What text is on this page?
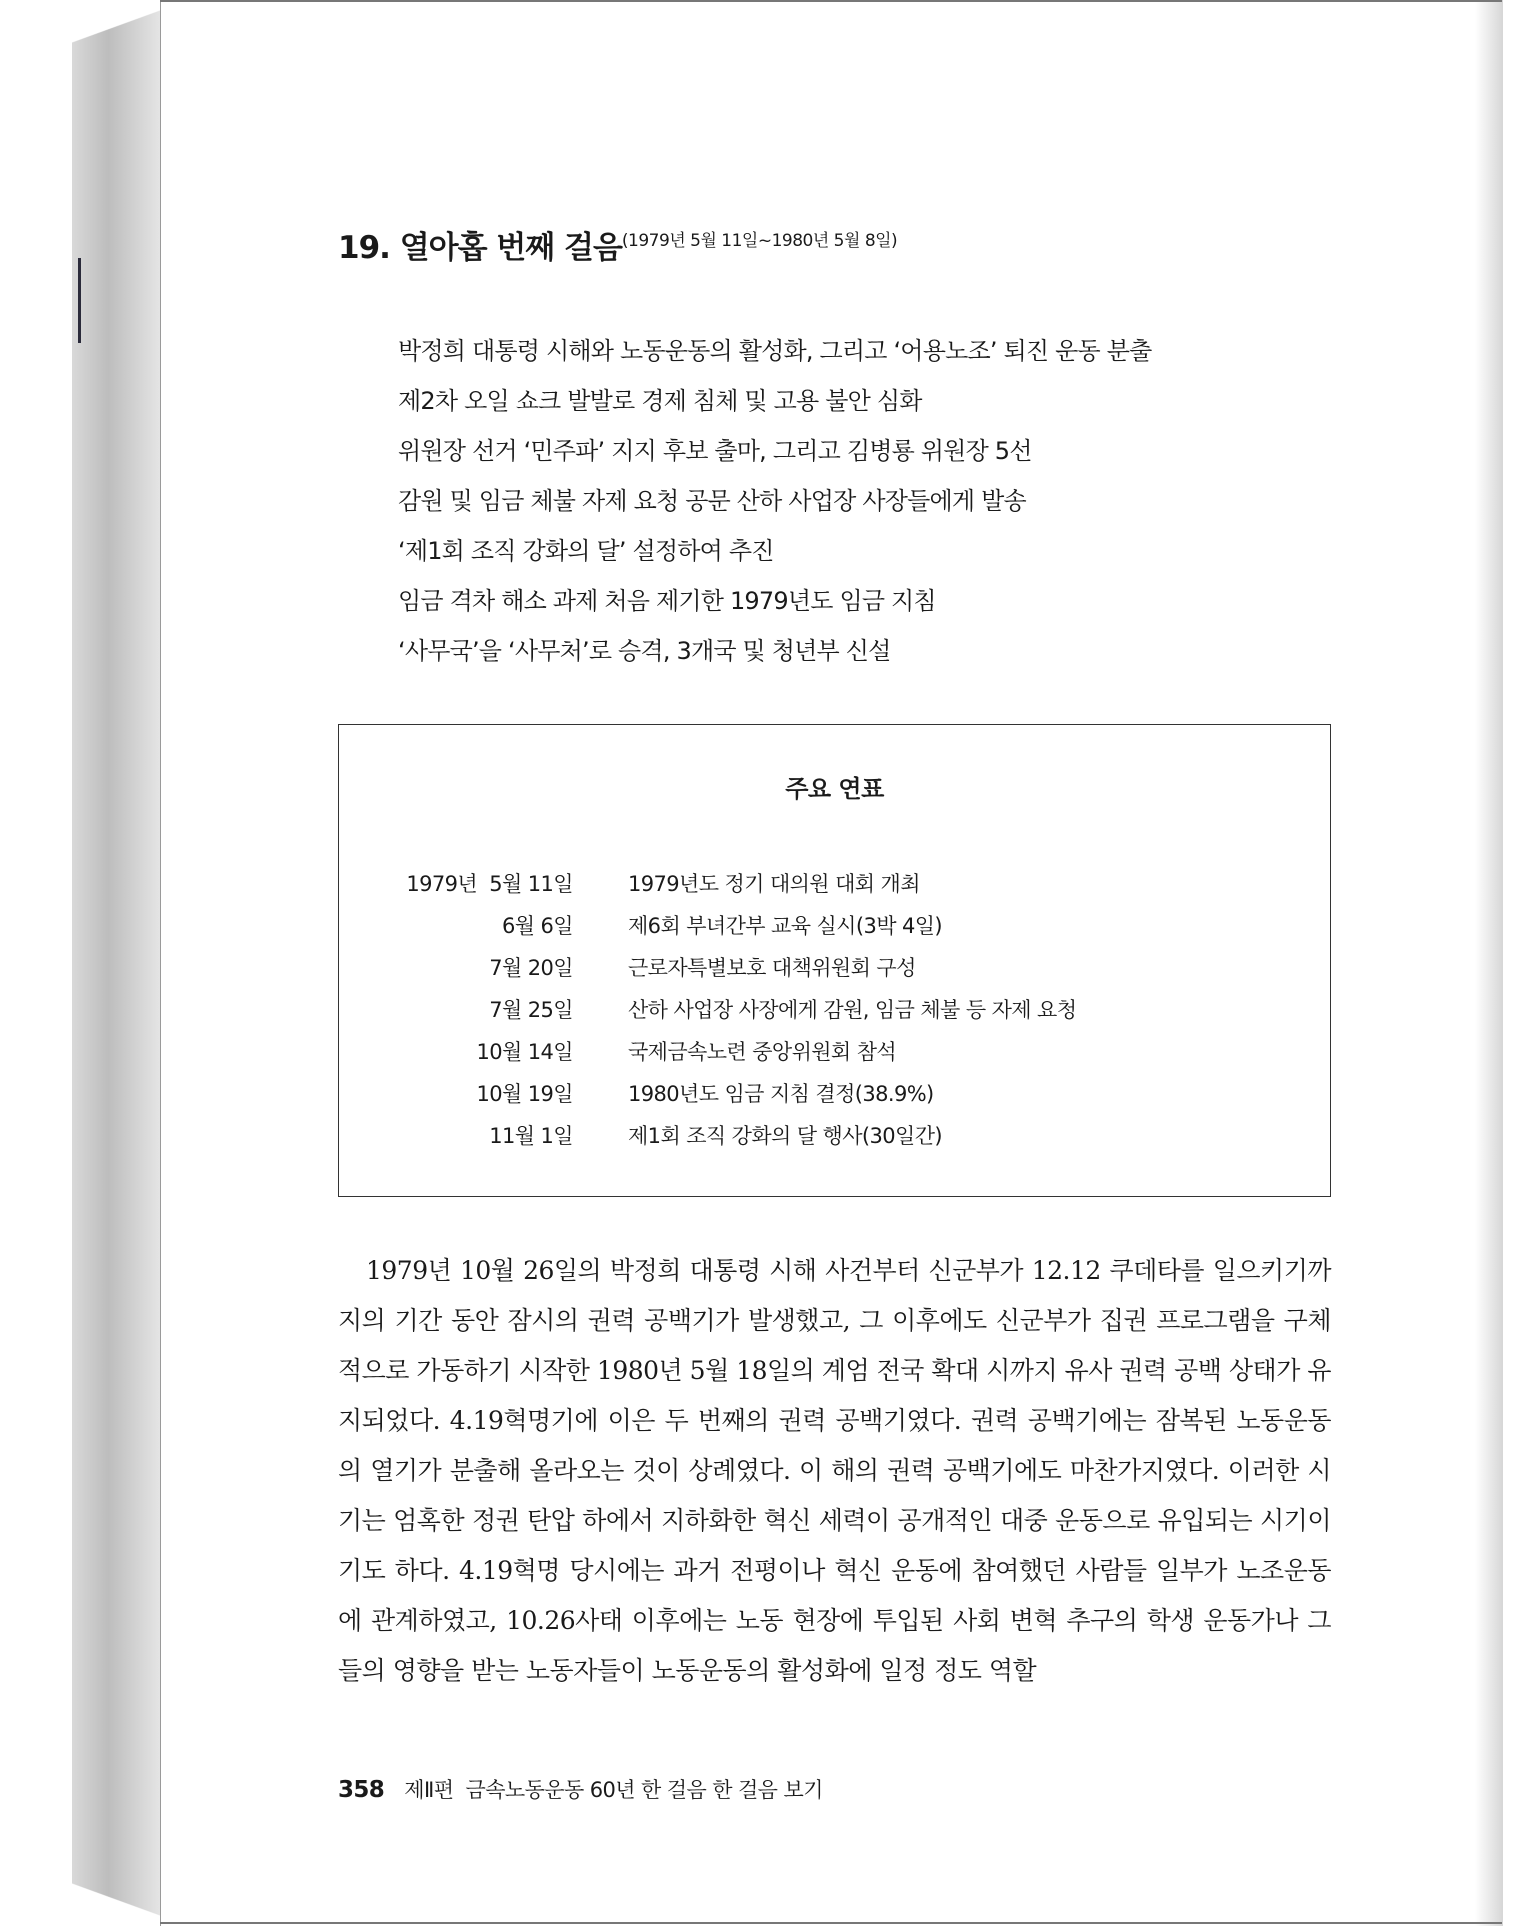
19. 열아홉 번째 걸음$^{(1979년 5월 11일\sim 1980년 5월 8일)}$
박정희 대통령 시해와 노동운동의 활성화, 그리고 ‘어용노조’ 퇴진 운동 분출
제2차 오일 쇼크 발발로 경제 침체 및 고용 불안 심화
위원장 선거 ‘민주파’ 지지 후보 출마, 그리고 김병룡 위원장 5선
감원 및 임금 체불 자제 요청 공문 산하 사업장 사장들에게 발송
‘제1회 조직 강화의 달’ 설정하여 추진
임금 격차 해소 과제 처음 제기한 1979년도 임금 지침
‘사무국’을 ‘사무처’로 승격, 3개국 및 청년부 신설
주요 연표
1979년  5월 11일	1979년도 정기 대의원 대회 개최
6월 6일	제6회 부녀간부 교육 실시(3박 4일)
7월 20일	근로자특별보호 대책위원회 구성
7월 25일	산하 사업장 사장에게 감원, 임금 체불 등 자제 요청
10월 14일	국제금속노련 중앙위원회 참석
10월 19일	1980년도 임금 지침 결정(38.9%)
11월 1일	제1회 조직 강화의 달 행사(30일간)

1979년 10월 26일의 박정희 대통령 시해 사건부터 신군부가 12.12 쿠데타를 일으키기까지의 기간 동안 잠시의 권력 공백기가 발생했고, 그 이후에도 신군부가 집권 프로그램을 구체적으로 가동하기 시작한 1980년 5월 18일의 계엄 전국 확대 시까지 유사 권력 공백 상태가 유지되었다. 4.19혁명기에 이은 두 번째의 권력 공백기였다. 권력 공백기에는 잠복된 노동운동의 열기가 분출해 올라오는 것이 상례였다. 이 해의 권력 공백기에도 마찬가지였다. 이러한 시기는 엄혹한 정권 탄압 하에서 지하화한 혁신 세력이 공개적인 대중 운동으로 유입되는 시기이기도 하다. 4.19혁명 당시에는 과거 전평이나 혁신 운동에 참여했던 사람들 일부가 노조운동에 관계하였고, 10.26사태 이후에는 노동 현장에 투입된 사회 변혁 추구의 학생 운동가나 그들의 영향을 받는 노동자들이 노동운동의 활성화에 일정 정도 역할

358 제Ⅱ편  금속노동운동 60년 한 걸음 한 걸음 보기
